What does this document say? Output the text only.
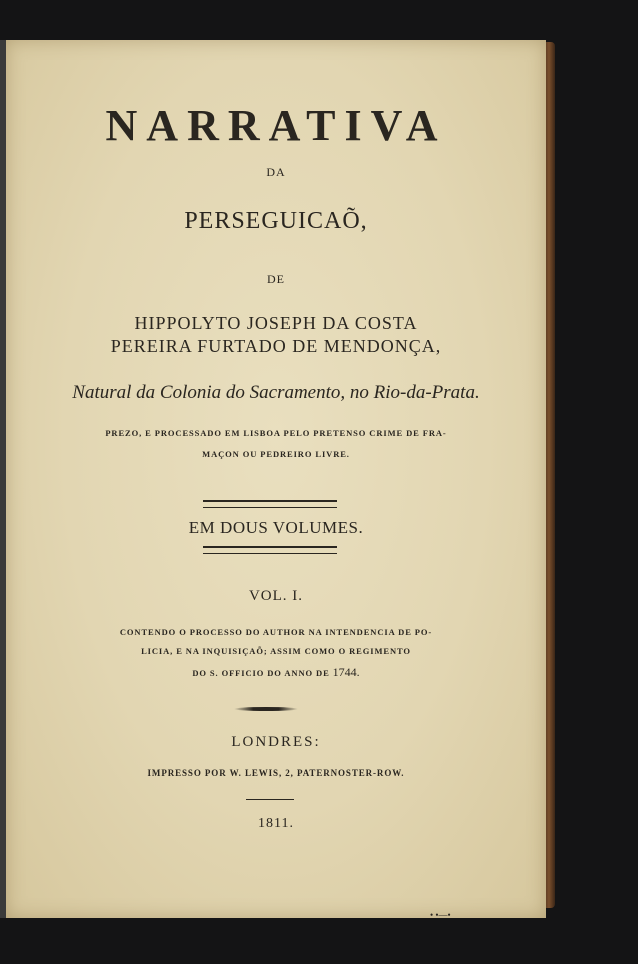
NARRATIVA
DA
PERSEGUICAÕ,
DE
HIPPOLYTO JOSEPH DA COSTA
PEREIRA FURTADO DE MENDONÇA,
Natural da Colonia do Sacramento, no Rio-da-Prata.
PREZO, E PROCESSADO EM LISBOA PELO PRETENSO CRIME DE FRA-
MAÇON OU PEDREIRO LIVRE.
EM DOUS VOLUMES.
VOL. I.
CONTENDO O PROCESSO DO AUTHOR NA INTENDENCIA DE PO-
LICIA, E NA INQUISIÇAÕ; ASSIM COMO O REGIMENTO
DO S. OFFICIO DO ANNO DE 1744.
LONDRES:
IMPRESSO POR W. LEWIS, 2, PATERNOSTER-ROW.
1811.
• •—•
